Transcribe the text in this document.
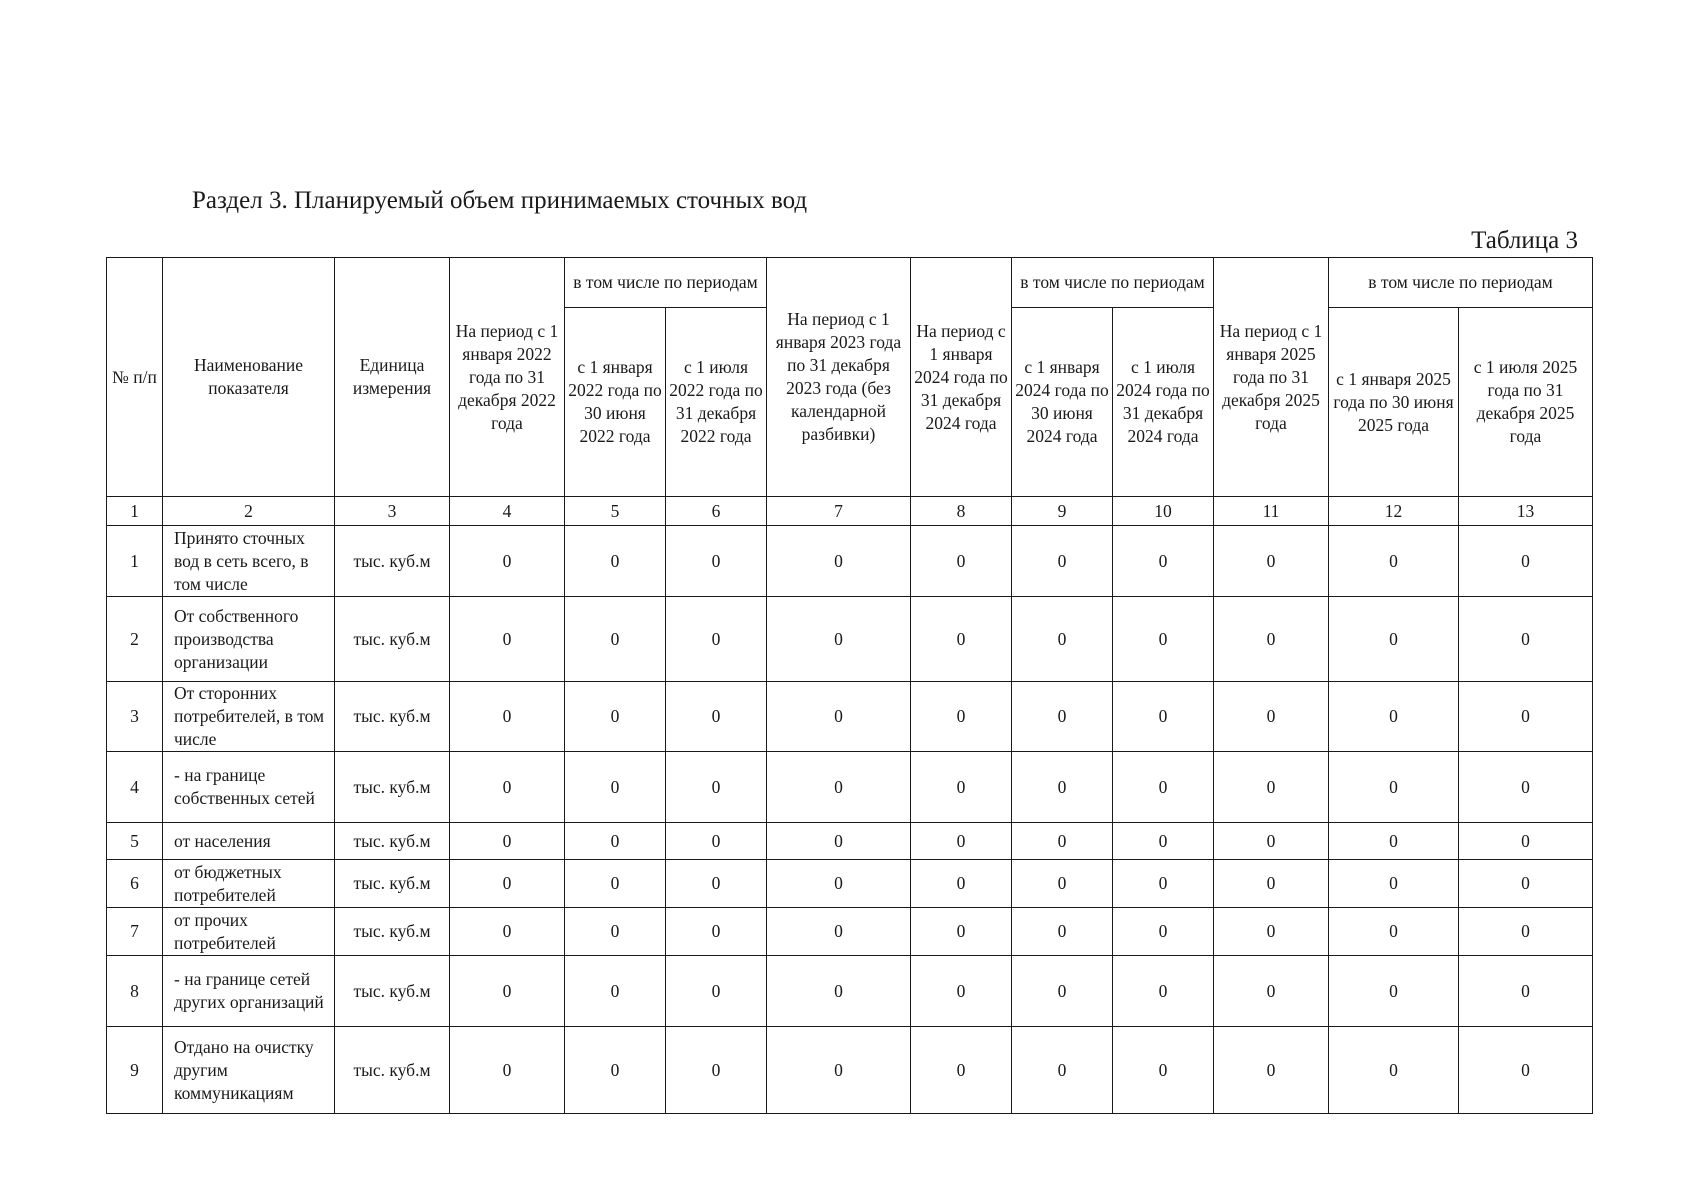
Раздел 3. Планируемый объем принимаемых сточных вод
Таблица 3
№ п/п	Наименование показателя	Единица измерения	На период с 1 января 2022 года по 31 декабря 2022 года	в том числе по периодам		На период с 1 января 2023 года по 31 декабря 2023 года (без календарной разбивки)	На период с 1 января 2024 года по 31 декабря 2024 года	в том числе по периодам		На период с 1 января 2025 года по 31 декабря 2025 года	в том числе по периодам	
				с 1 января 2022 года по 30 июня 2022 года	с 1 июля 2022 года по 31 декабря 2022 года			с 1 января 2024 года по 30 июня 2024 года	с 1 июля 2024 года по 31 декабря 2024 года		с 1 января 2025 года по 30 июня 2025 года	с 1 июля 2025 года по 31 декабря 2025 года
1	2	3	4	5	6	7	8	9	10	11	12	13
1	Принято сточных вод в сеть всего, в том числе	тыс. куб.м	0	0	0	0	0	0	0	0	0	0
2	От собственного производства организации	тыс. куб.м	0	0	0	0	0	0	0	0	0	0
3	От сторонних потребителей, в том числе	тыс. куб.м	0	0	0	0	0	0	0	0	0	0
4	- на границе собственных сетей	тыс. куб.м	0	0	0	0	0	0	0	0	0	0
5	от населения	тыс. куб.м	0	0	0	0	0	0	0	0	0	0
6	от бюджетных потребителей	тыс. куб.м	0	0	0	0	0	0	0	0	0	0
7	от прочих потребителей	тыс. куб.м	0	0	0	0	0	0	0	0	0	0
8	- на границе сетей других организаций	тыс. куб.м	0	0	0	0	0	0	0	0	0	0
9	Отдано на очистку другим коммуникациям	тыс. куб.м	0	0	0	0	0	0	0	0	0	0
